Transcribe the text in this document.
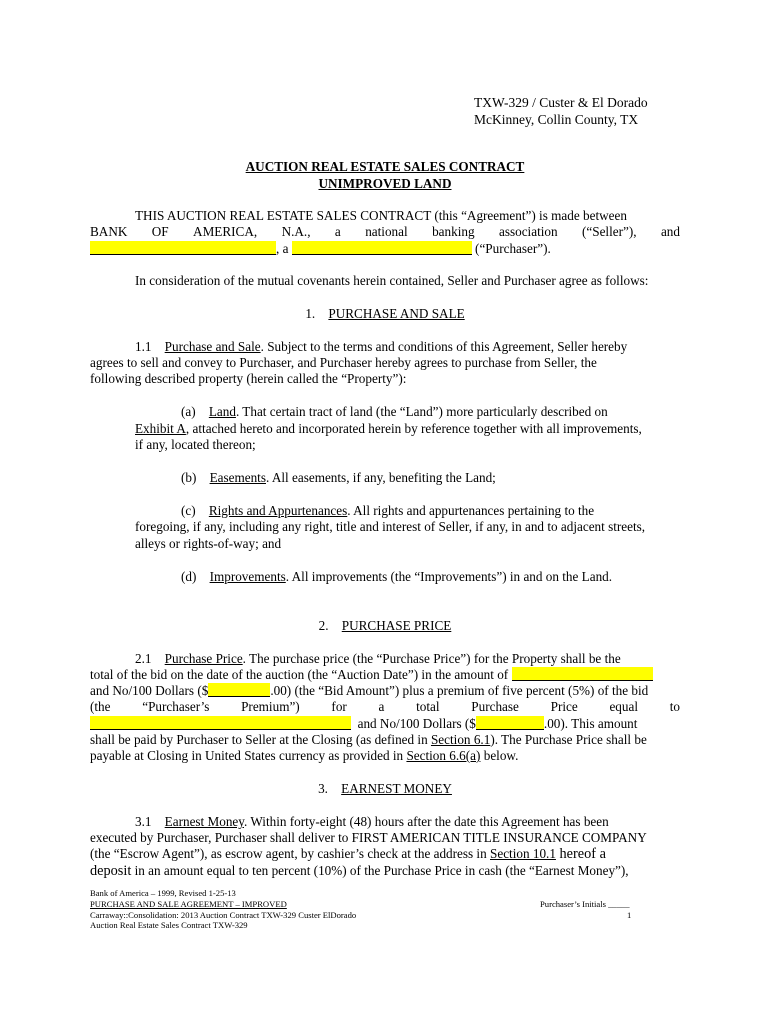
TXW-329 / Custer & El Dorado
McKinney, Collin County, TX
AUCTION REAL ESTATE SALES CONTRACT
UNIMPROVED LAND
THIS AUCTION REAL ESTATE SALES CONTRACT (this “Agreement”) is made between
BANK OF AMERICA, N.A., a national banking association (“Seller”), and
, a	(“Purchaser”).
In consideration of the mutual covenants herein contained, Seller and Purchaser agree as follows:
1. PURCHASE AND SALE
1.1 Purchase and Sale. Subject to the terms and conditions of this Agreement, Seller hereby
agrees to sell and convey to Purchaser, and Purchaser hereby agrees to purchase from Seller, the
following described property (herein called the “Property”):
(a) Land. That certain tract of land (the “Land”) more particularly described on
Exhibit A, attached hereto and incorporated herein by reference together with all improvements,
if any, located thereon;
(b) Easements. All easements, if any, benefiting the Land;
(c) Rights and Appurtenances. All rights and appurtenances pertaining to the
foregoing, if any, including any right, title and interest of Seller, if any, in and to adjacent streets,
alleys or rights-of-way; and
(d) Improvements. All improvements (the “Improvements”) in and on the Land.
2. PURCHASE PRICE
2.1 Purchase Price. The purchase price (the “Purchase Price”) for the Property shall be the
total of the bid on the date of the auction (the “Auction Date”) in the amount of
and No/100 Dollars ($	.00) (the “Bid Amount”) plus a premium of five percent (5%) of the bid
(the “Purchaser’s Premium”) for a total Purchase Price equal to
and No/100 Dollars ($	.00). This amount
shall be paid by Purchaser to Seller at the Closing (as defined in Section 6.1). The Purchase Price shall be
payable at Closing in United States currency as provided in Section 6.6(a) below.
3. EARNEST MONEY
3.1 Earnest Money. Within forty-eight (48) hours after the date this Agreement has been
executed by Purchaser, Purchaser shall deliver to FIRST AMERICAN TITLE INSURANCE COMPANY
(the “Escrow Agent”), as escrow agent, by cashier’s check at the address in Section 10.1 hereof a
deposit in an amount equal to ten percent (10%) of the Purchase Price in cash (the “Earnest Money”),
Bank of America – 1999, Revised 1-25-13
PURCHASE AND SALE AGREEMENT – IMPROVED
Carraway::Consolidation: 2013 Auction Contract TXW-329 Custer ElDorado
Auction Real Estate Sales Contract TXW-329
Purchaser’s Initials _____
1
